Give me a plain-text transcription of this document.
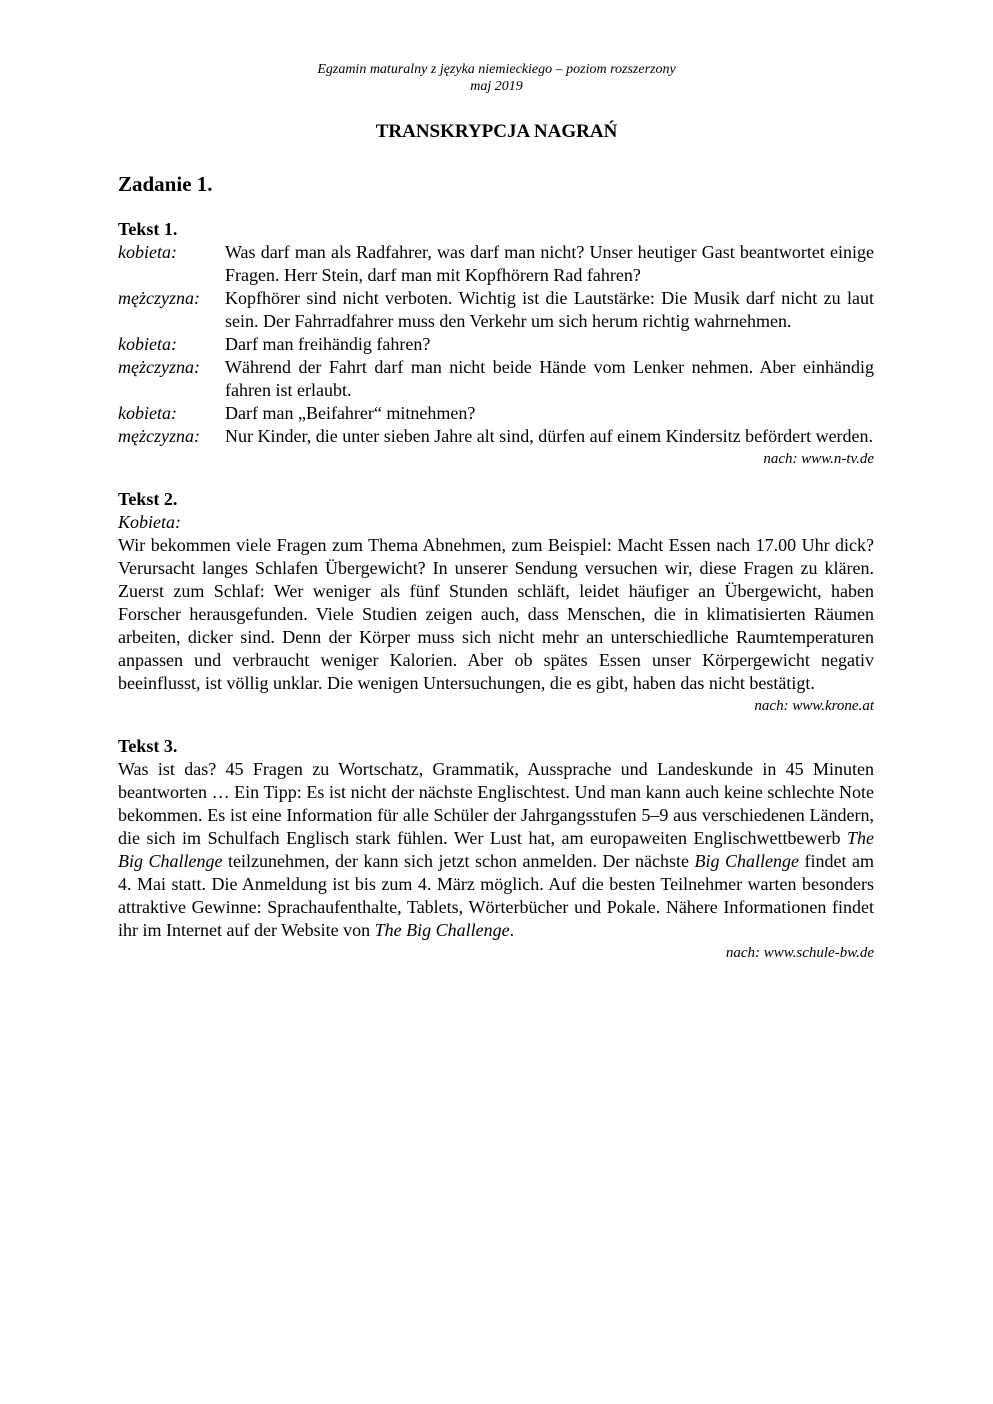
Egzamin maturalny z języka niemieckiego – poziom rozszerzony
maj 2019
TRANSKRYPCJA NAGRAŃ
Zadanie 1.
Tekst 1.
kobieta:	Was darf man als Radfahrer, was darf man nicht? Unser heutiger Gast beantwortet einige Fragen. Herr Stein, darf man mit Kopfhörern Rad fahren?
mężczyzna:	Kopfhörer sind nicht verboten. Wichtig ist die Lautstärke: Die Musik darf nicht zu laut sein. Der Fahrradfahrer muss den Verkehr um sich herum richtig wahrnehmen.
kobieta:	Darf man freihändig fahren?
mężczyzna:	Während der Fahrt darf man nicht beide Hände vom Lenker nehmen. Aber einhändig fahren ist erlaubt.
kobieta:	Darf man „Beifahrer“ mitnehmen?
mężczyzna:	Nur Kinder, die unter sieben Jahre alt sind, dürfen auf einem Kindersitz befördert werden.
nach: www.n-tv.de
Tekst 2.
Kobieta:

Wir bekommen viele Fragen zum Thema Abnehmen, zum Beispiel: Macht Essen nach 17.00 Uhr dick? Verursacht langes Schlafen Übergewicht? In unserer Sendung versuchen wir, diese Fragen zu klären. Zuerst zum Schlaf: Wer weniger als fünf Stunden schläft, leidet häufiger an Übergewicht, haben Forscher herausgefunden. Viele Studien zeigen auch, dass Menschen, die in klimatisierten Räumen arbeiten, dicker sind. Denn der Körper muss sich nicht mehr an unterschiedliche Raumtemperaturen anpassen und verbraucht weniger Kalorien. Aber ob spätes Essen unser Körpergewicht negativ beeinflusst, ist völlig unklar. Die wenigen Untersuchungen, die es gibt, haben das nicht bestätigt.

nach: www.krone.at
Tekst 3.

Was ist das? 45 Fragen zu Wortschatz, Grammatik, Aussprache und Landeskunde in 45 Minuten beantworten … Ein Tipp: Es ist nicht der nächste Englischtest. Und man kann auch keine schlechte Note bekommen. Es ist eine Information für alle Schüler der Jahrgangsstufen 5–9 aus verschiedenen Ländern, die sich im Schulfach Englisch stark fühlen. Wer Lust hat, am europaweiten Englischwettbewerb The Big Challenge teilzunehmen, der kann sich jetzt schon anmelden. Der nächste Big Challenge findet am 4. Mai statt. Die Anmeldung ist bis zum 4. März möglich. Auf die besten Teilnehmer warten besonders attraktive Gewinne: Sprachaufenthalte, Tablets, Wörterbücher und Pokale. Nähere Informationen findet ihr im Internet auf der Website von The Big Challenge.

nach: www.schule-bw.de
